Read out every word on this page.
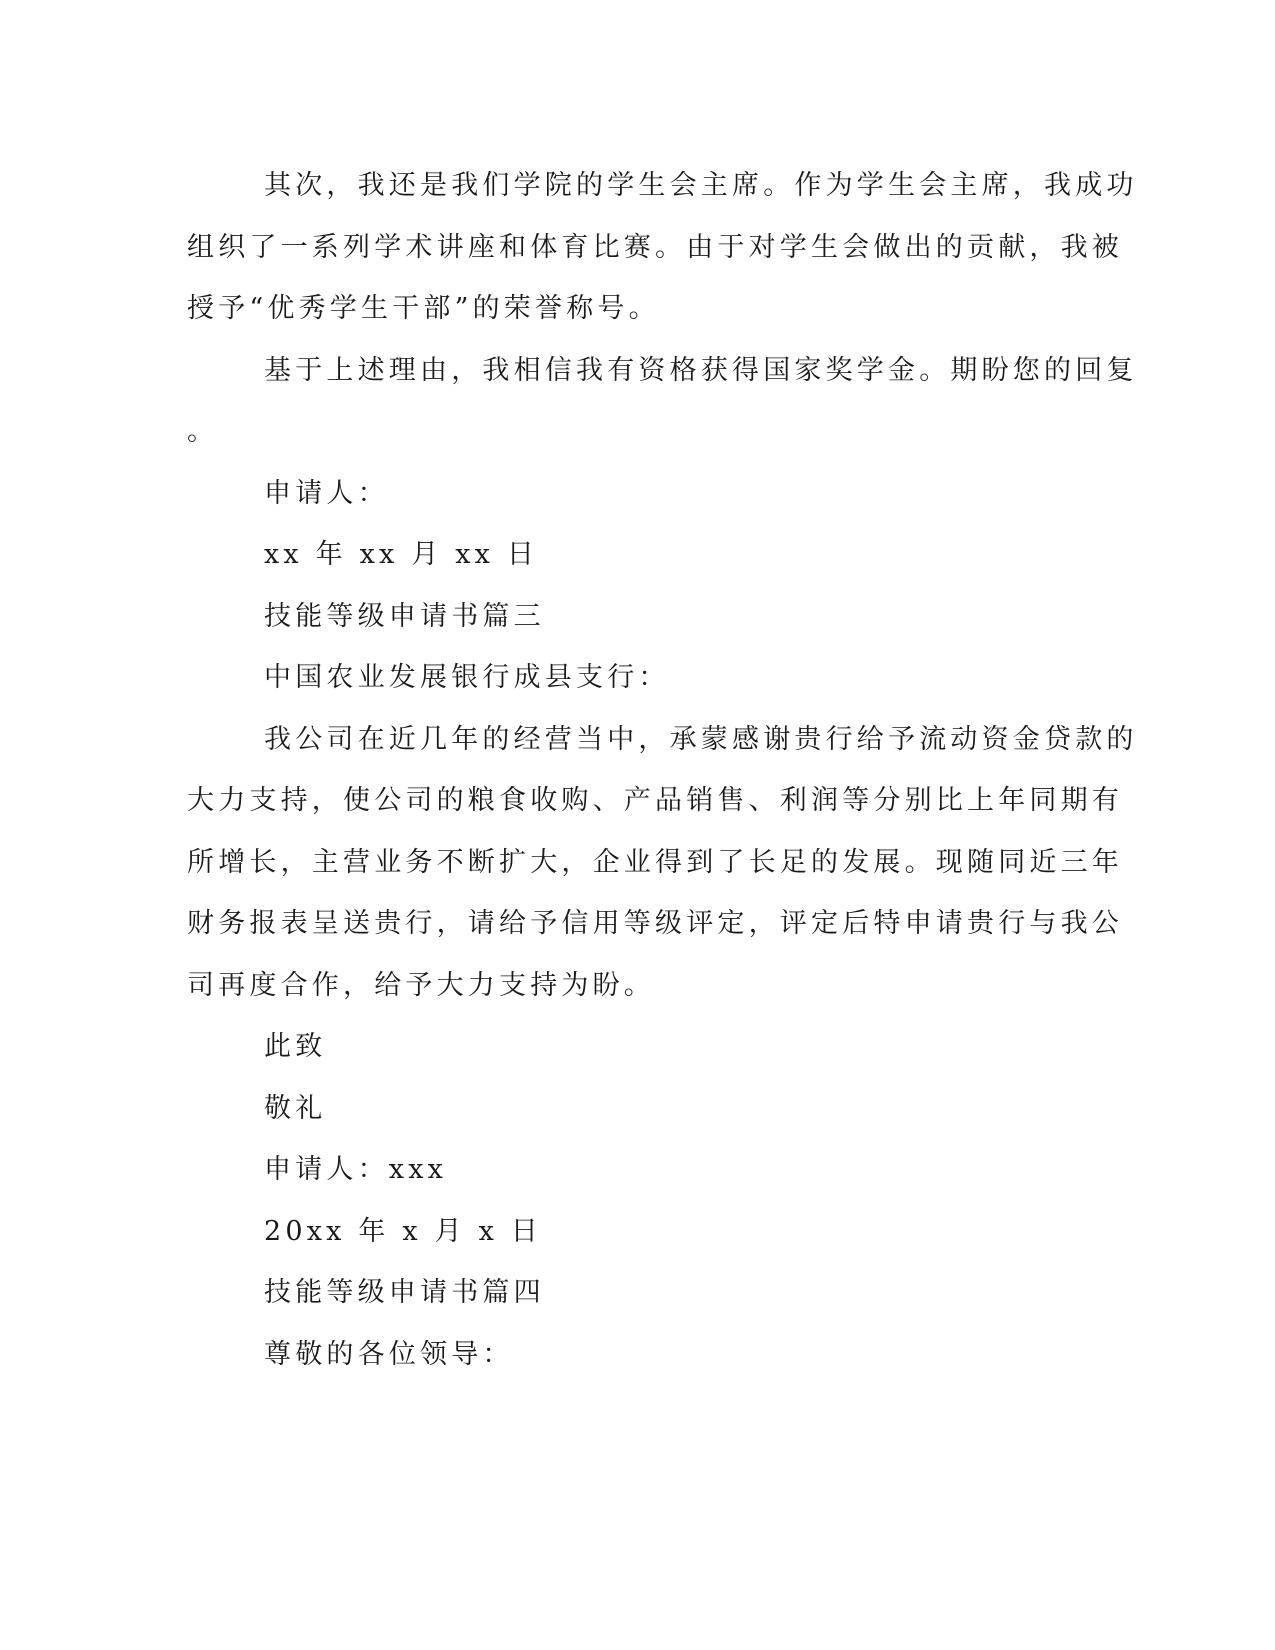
其次，我还是我们学院的学生会主席。作为学生会主席，我成功
组织了一系列学术讲座和体育比赛。由于对学生会做出的贡献，我被
授予“优秀学生干部”的荣誉称号。
基于上述理由，我相信我有资格获得国家奖学金。期盼您的回复
。
申请人：
xx 年 xx 月 xx 日
技能等级申请书篇三
中国农业发展银行成县支行：
我公司在近几年的经营当中，承蒙感谢贵行给予流动资金贷款的
大力支持，使公司的粮食收购、产品销售、利润等分别比上年同期有
所增长，主营业务不断扩大，企业得到了长足的发展。现随同近三年
财务报表呈送贵行，请给予信用等级评定，评定后特申请贵行与我公
司再度合作，给予大力支持为盼。
此致
敬礼
申请人：xxx
20xx 年 x 月 x 日
技能等级申请书篇四
尊敬的各位领导：
